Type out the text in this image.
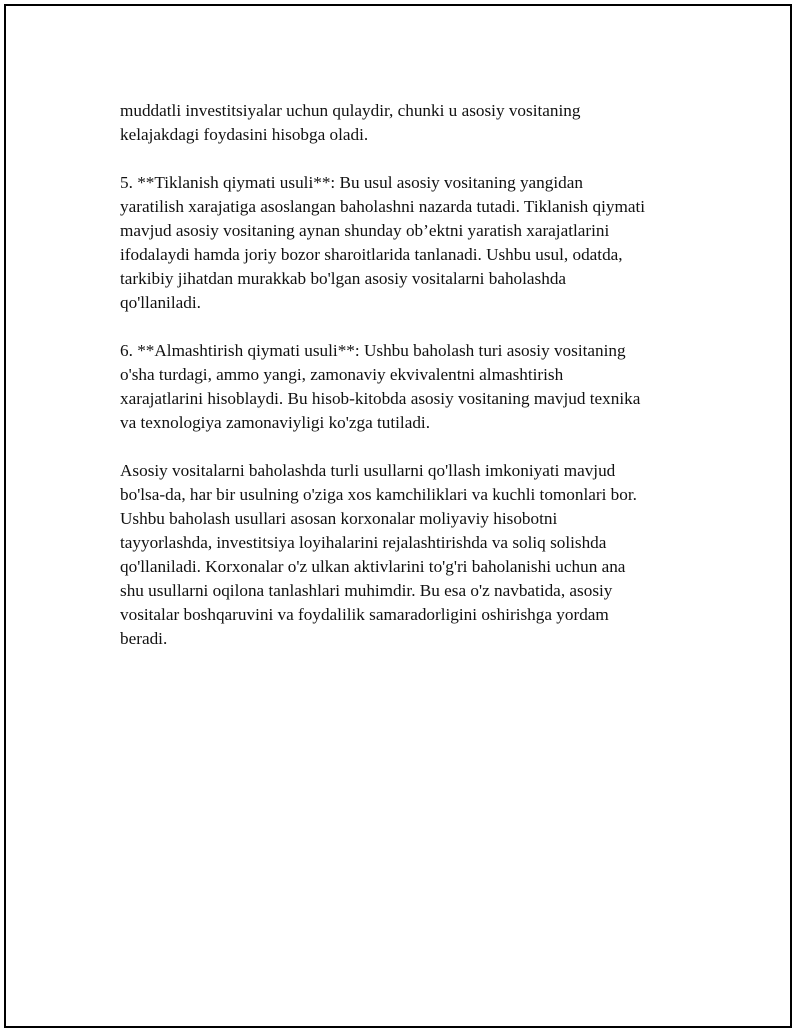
muddatli investitsiyalar uchun qulaydir, chunki u asosiy vositaning
kelajakdagi foydasini hisobga oladi.

5. **Tiklanish qiymati usuli**: Bu usul asosiy vositaning yangidan
yaratilish xarajatiga asoslangan baholashni nazarda tutadi. Tiklanish qiymati
mavjud asosiy vositaning aynan shunday ob’ektni yaratish xarajatlarini
ifodalaydi hamda joriy bozor sharoitlarida tanlanadi. Ushbu usul, odatda,
tarkibiy jihatdan murakkab bo'lgan asosiy vositalarni baholashda
qo'llaniladi.

6. **Almashtirish qiymati usuli**: Ushbu baholash turi asosiy vositaning
o'sha turdagi, ammo yangi, zamonaviy ekvivalentni almashtirish
xarajatlarini hisoblaydi. Bu hisob-kitobda asosiy vositaning mavjud texnika
va texnologiya zamonaviyligi ko'zga tutiladi.

Asosiy vositalarni baholashda turli usullarni qo'llash imkoniyati mavjud
bo'lsa-da, har bir usulning o'ziga xos kamchiliklari va kuchli tomonlari bor.
Ushbu baholash usullari asosan korxonalar moliyaviy hisobotni
tayyorlashda, investitsiya loyihalarini rejalashtirishda va soliq solishda
qo'llaniladi. Korxonalar o'z ulkan aktivlarini to'g'ri baholanishi uchun ana
shu usullarni oqilona tanlashlari muhimdir. Bu esa o'z navbatida, asosiy
vositalar boshqaruvini va foydalilik samaradorligini oshirishga yordam
beradi.
